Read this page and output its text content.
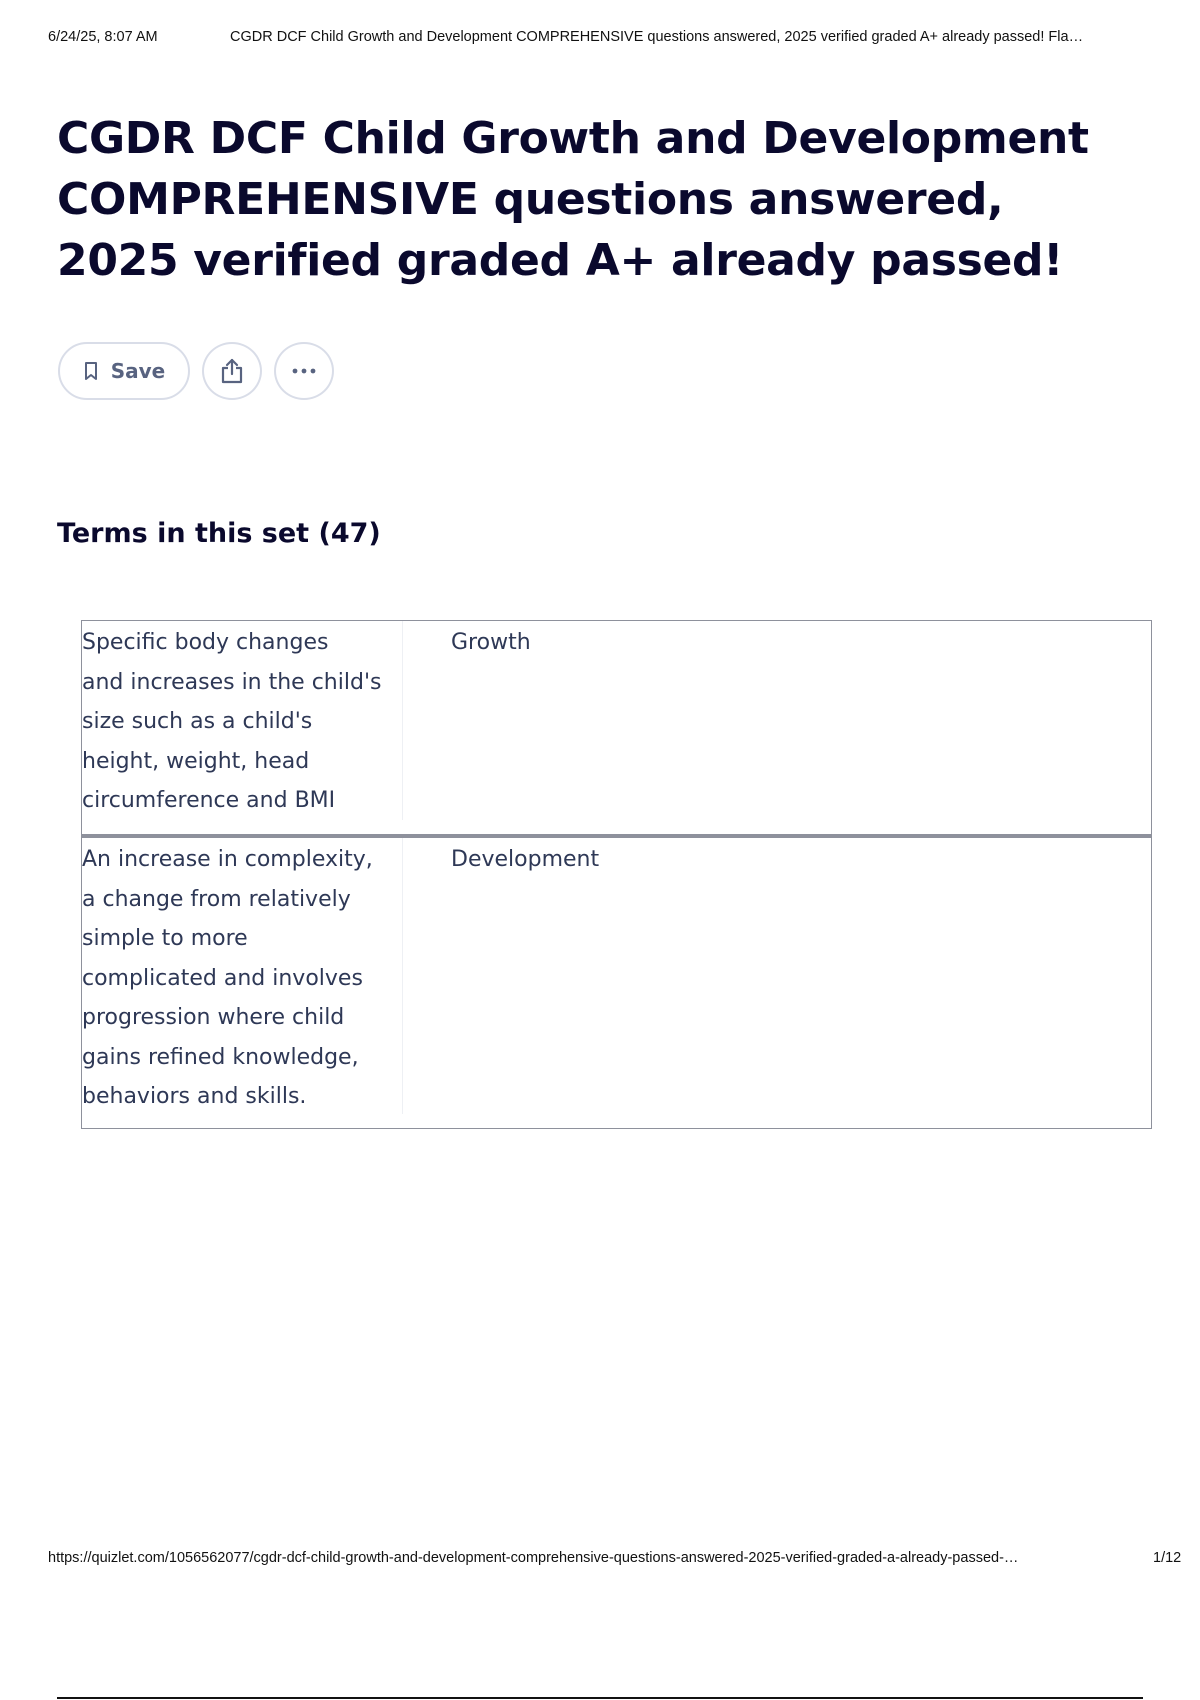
6/24/25, 8:07 AM	CGDR DCF Child Growth and Development COMPREHENSIVE questions answered, 2025 verified graded A+ already passed! Fla…
CGDR DCF Child Growth and Development COMPREHENSIVE questions answered, 2025 verified graded A+ already passed!
Save
Terms in this set (47)
Specific body changes
and increases in the child's
size such as a child's
height, weight, head
circumference and BMI
Growth
An increase in complexity,
a change from relatively
simple to more
complicated and involves
progression where child
gains refined knowledge,
behaviors and skills.
Development
https://quizlet.com/1056562077/cgdr-dcf-child-growth-and-development-comprehensive-questions-answered-2025-verified-graded-a-already-passed-…	1/12
